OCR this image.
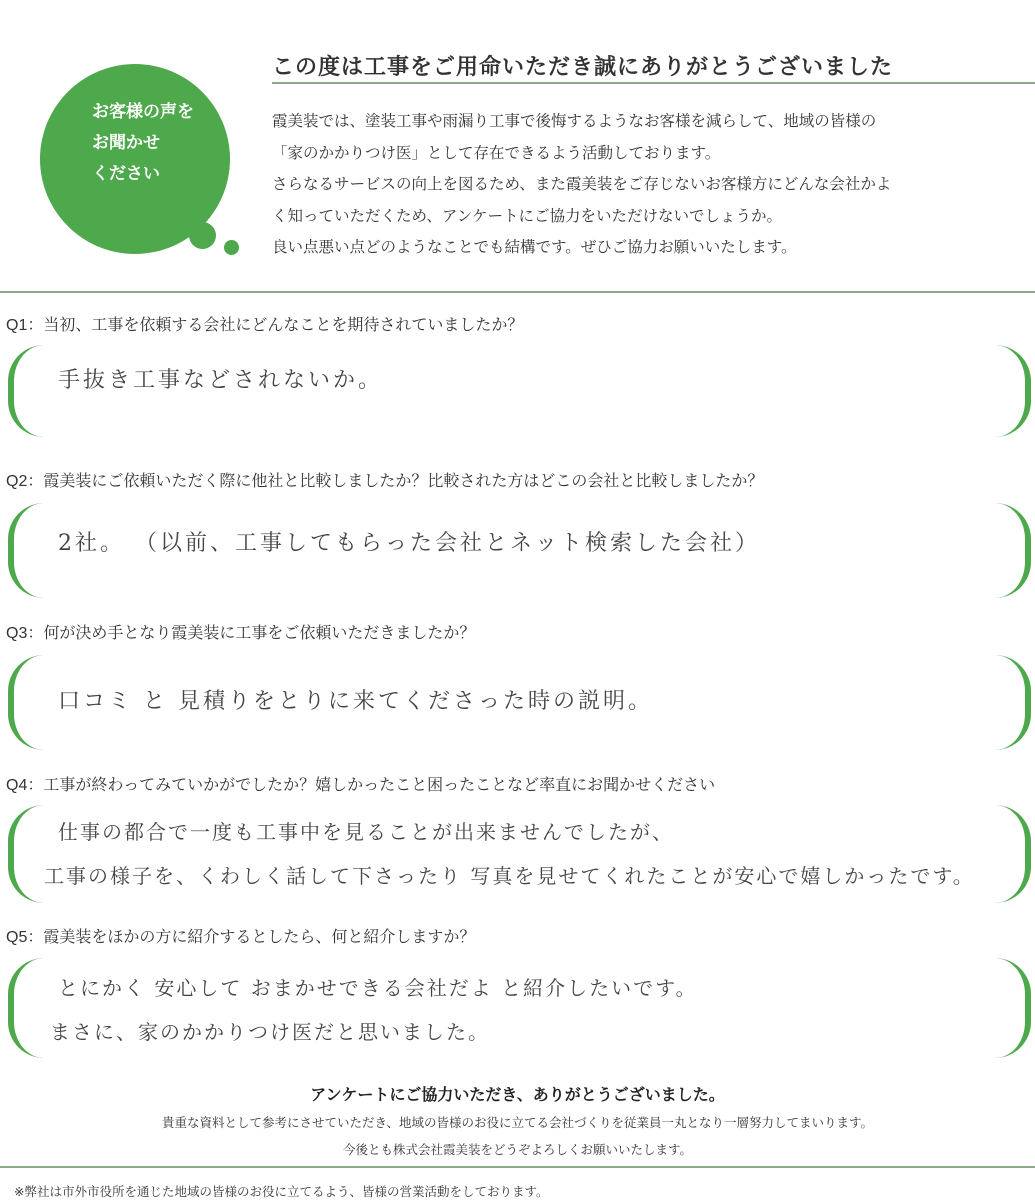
お客様の声を
お聞かせ
ください
この度は工事をご用命いただき誠にありがとうございました
霞美装では、塗装工事や雨漏り工事で後悔するようなお客様を減らして、地域の皆様の
「家のかかりつけ医」として存在できるよう活動しております。
さらなるサービスの向上を図るため、また霞美装をご存じないお客様方にどんな会社かよ
く知っていただくため、アンケートにご協力をいただけないでしょうか。
良い点悪い点どのようなことでも結構です。ぜひご協力お願いいたします。
Q1：当初、工事を依頼する会社にどんなことを期待されていましたか？
手抜き工事などされないか。
Q2：霞美装にご依頼いただく際に他社と比較しましたか？比較された方はどこの会社と比較しましたか？
2社。 （以前、工事してもらった会社とネット検索した会社）
Q3：何が決め手となり霞美装に工事をご依頼いただきましたか？
口コミ と 見積りをとりに来てくださった時の説明。
Q4：工事が終わってみていかがでしたか？嬉しかったこと困ったことなど率直にお聞かせください
仕事の都合で一度も工事中を見ることが出来ませんでしたが、
工事の様子を、くわしく話して下さったり 写真を見せてくれたことが安心で嬉しかったです。
Q5：霞美装をほかの方に紹介するとしたら、何と紹介しますか？
とにかく 安心して おまかせできる会社だよ と紹介したいです。
まさに、家のかかりつけ医だと思いました。
アンケートにご協力いただき、ありがとうございました。
貴重な資料として参考にさせていただき、地域の皆様のお役に立てる会社づくりを従業員一丸となり一層努力してまいります。
今後とも株式会社霞美装をどうぞよろしくお願いいたします。
※弊社は市外市役所を通じた地域の皆様のお役に立てるよう、皆様の営業活動をしております。
